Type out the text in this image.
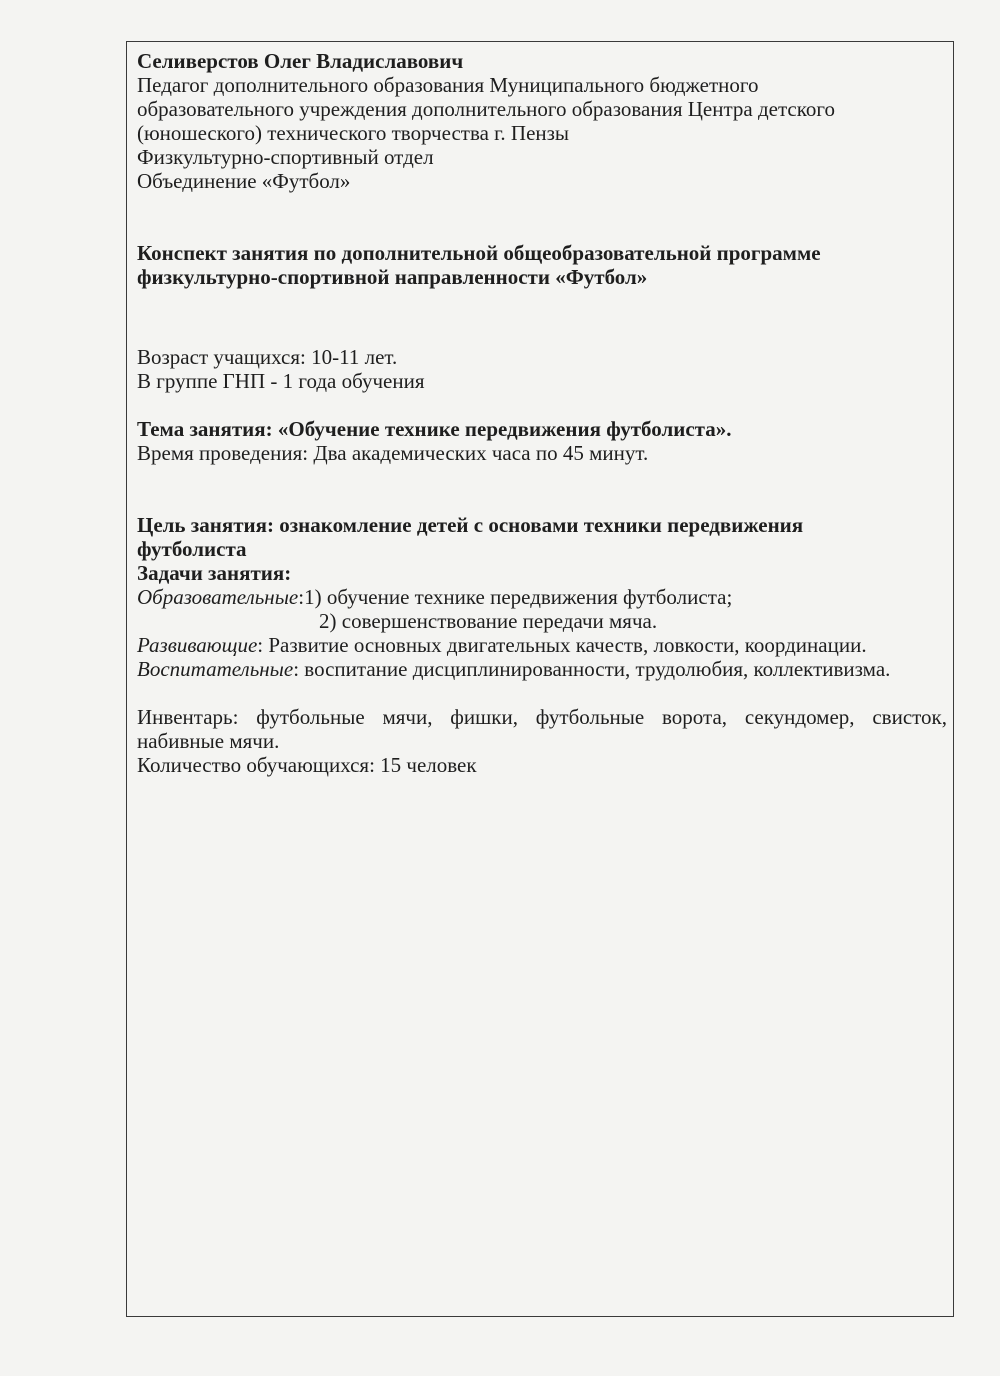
Селиверстов Олег Владиславович
Педагог дополнительного образования Муниципального бюджетного
образовательного учреждения дополнительного образования Центра детского
(юношеского) технического творчества г. Пензы
Физкультурно-спортивный отдел
Объединение «Футбол»
Конспект занятия по дополнительной общеобразовательной программе
физкультурно-спортивной направленности «Футбол»
Возраст учащихся: 10-11 лет.
В группе ГНП - 1 года обучения
Тема занятия: «Обучение технике передвижения футболиста».
Время проведения: Два академических часа по 45 минут.
Цель занятия: ознакомление детей с основами техники передвижения
футболиста
Задачи занятия:
Образовательные:1) обучение технике передвижения футболиста;
2) совершенствование передачи мяча.
Развивающие: Развитие основных двигательных качеств, ловкости, координации.
Воспитательные: воспитание дисциплинированности, трудолюбия, коллективизма.
Инвентарь: футбольные мячи, фишки, футбольные ворота, секундомер, свисток, набивные мячи.
Количество обучающихся: 15 человек
